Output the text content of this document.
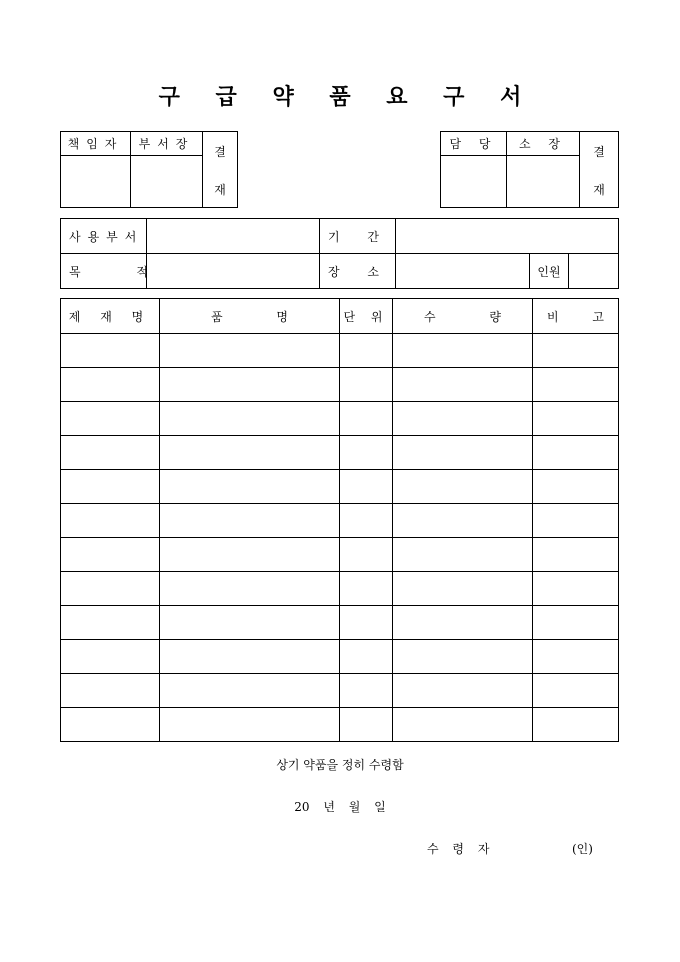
구 급 약 품 요 구 서
책임자	부서장	결
재

담 당	소 장	결
재

사용부서		기 간			
목 적		장 소		인원	
제 재 명	품 명	단 위	수 량	비 고

상기 약품을 정히 수령함
20 년 월 일
수 령 자	(인)
